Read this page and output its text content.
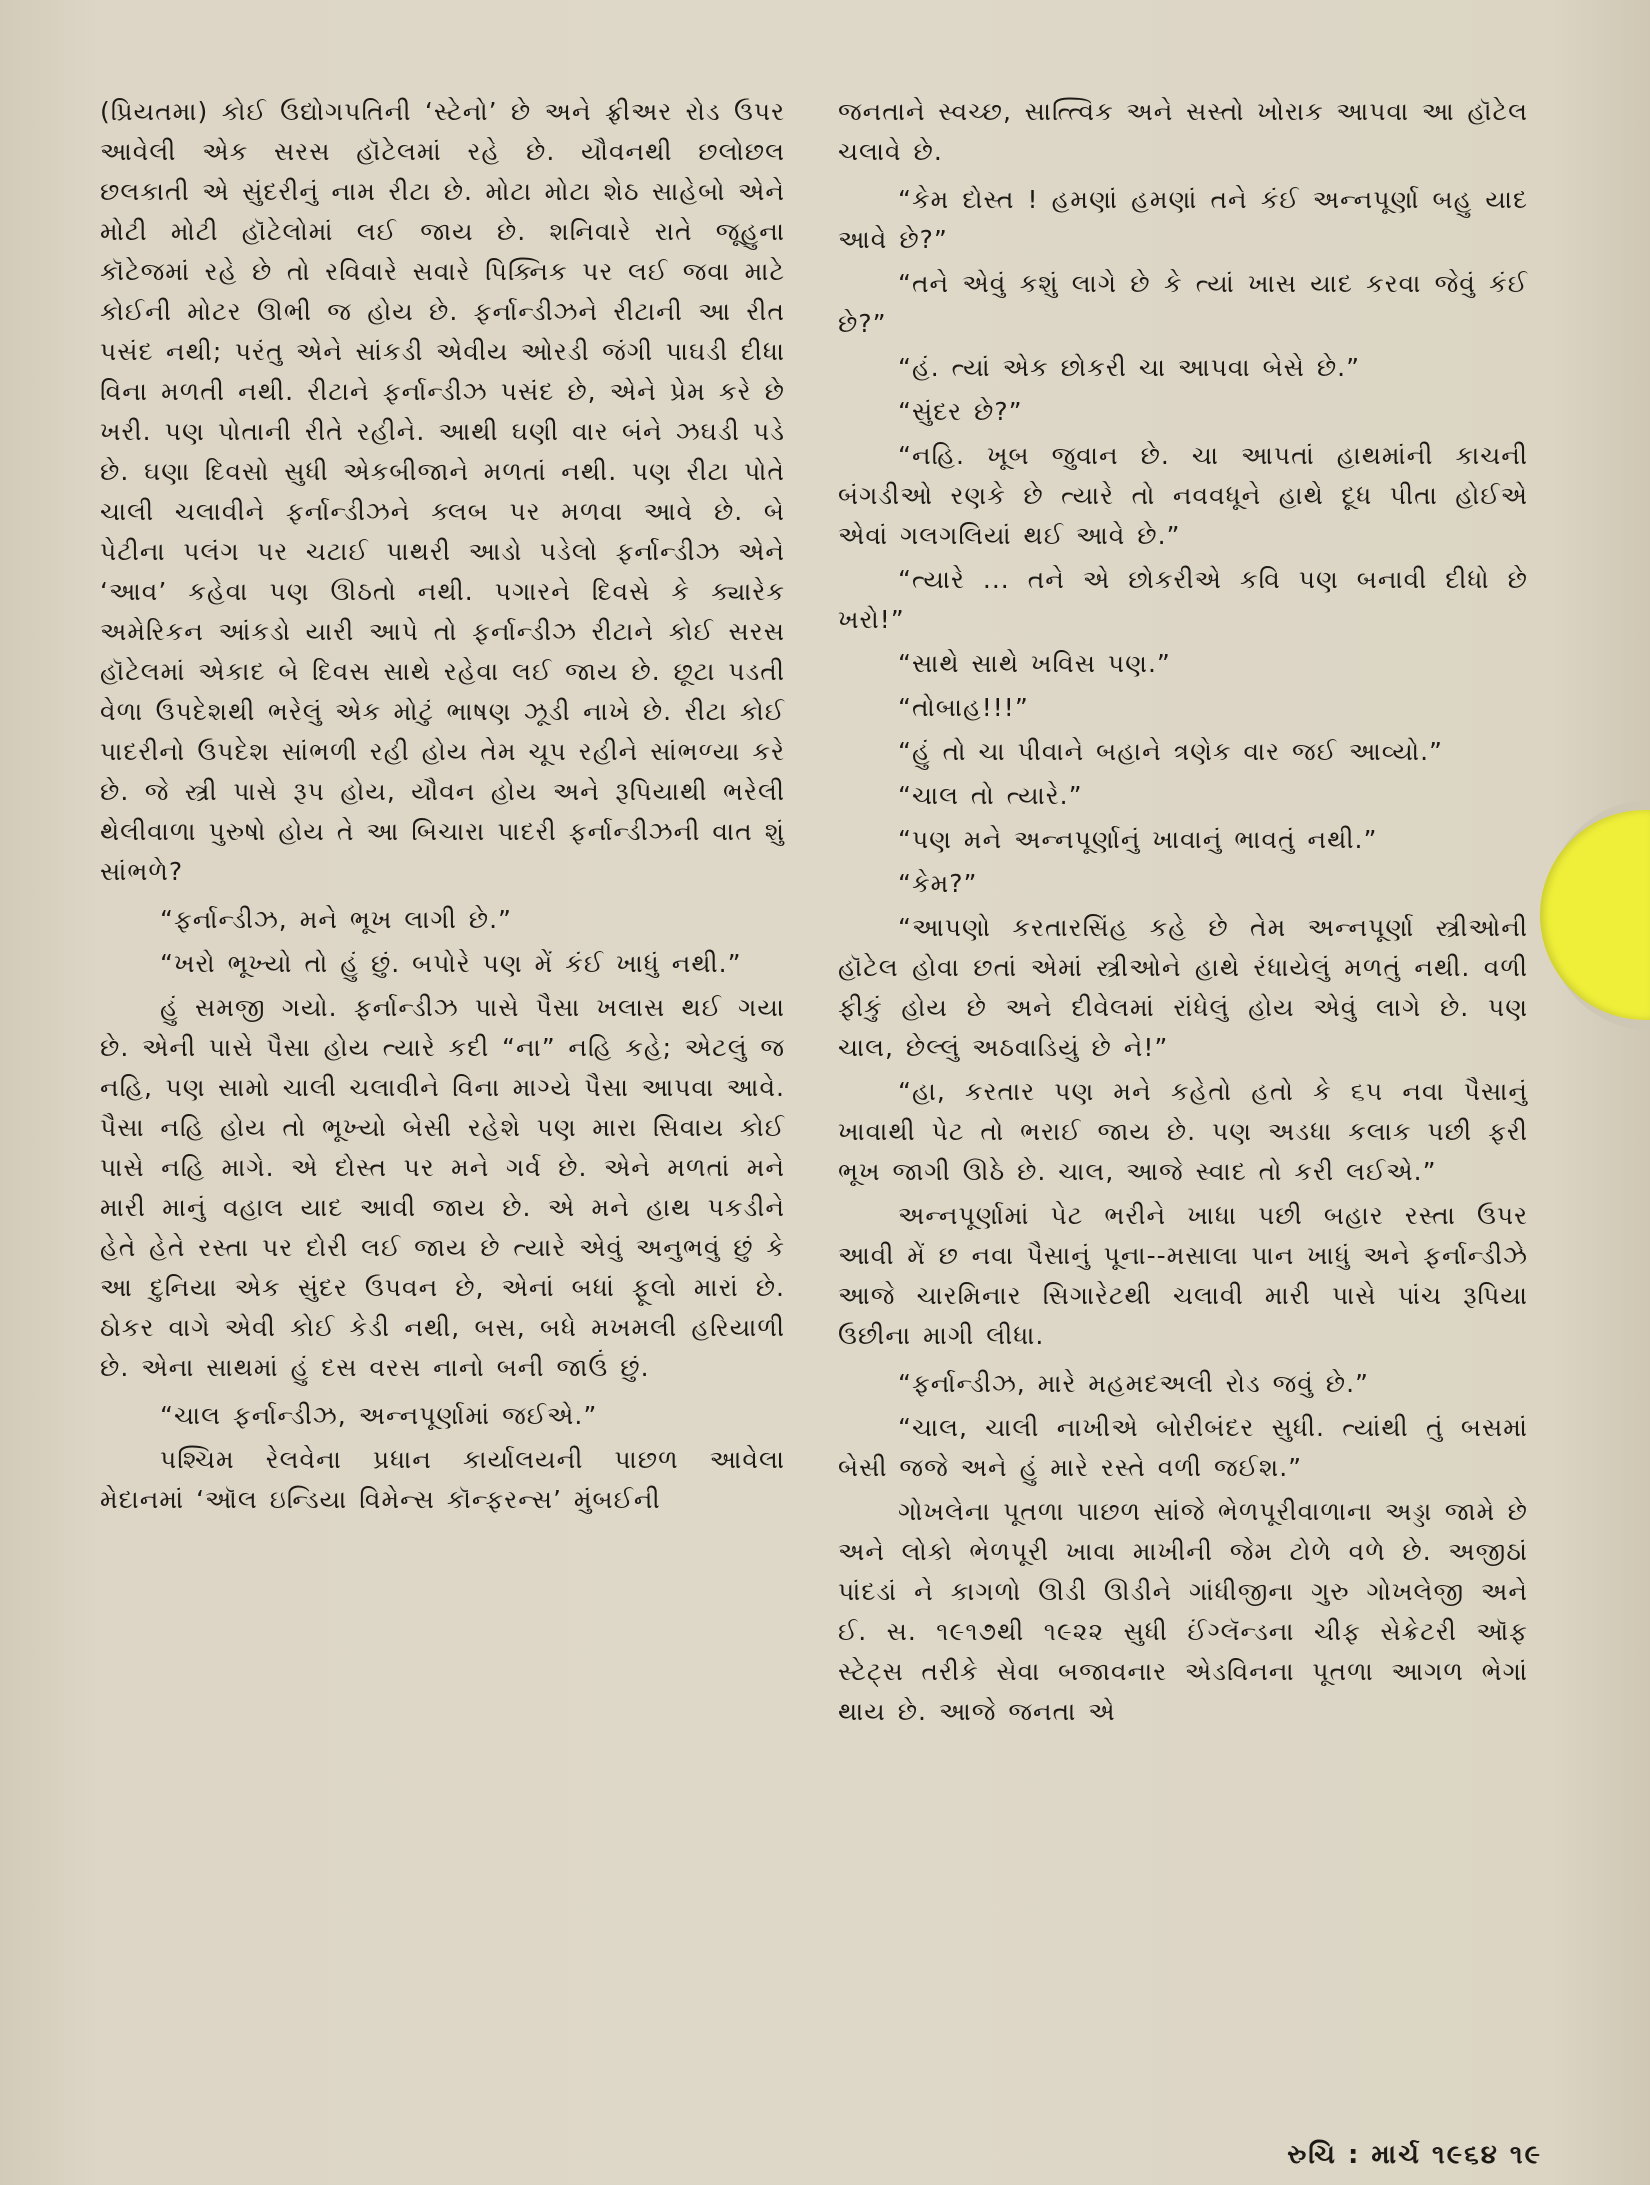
(પ્રિયતમા) કોઈ ઉદ્યોગપતિની ‘સ્ટેનો’ છે અને ફ્રીઅર રોડ ઉપર આવેલી એક સરસ હૉટેલમાં રહે છે. યૌવનથી છલોછલ છલકાતી એ સુંદરીનું નામ રીટા છે. મોટા મોટા શેઠ સાહેબો એને મોટી મોટી હૉટેલોમાં લઈ જાય છે. શનિવારે રાતે જૂહુના કૉટેજમાં રહે છે તો રવિવારે સવારે પિક્નિક પર લઈ જવા માટે કોઈની મોટર ઊભી જ હોય છે. ફર્નાન્ડીઝને રીટાની આ રીત પસંદ નથી; પરંતુ એને સાંકડી એવીય ઓરડી જંગી પાઘડી દીધા વિના મળતી નથી. રીટાને ફર્નાન્ડીઝ પસંદ છે, એને પ્રેમ કરે છે ખરી. પણ પોતાની રીતે રહીને. આથી ઘણી વાર બંને ઝઘડી પડે છે. ઘણા દિવસો સુધી એકબીજાને મળતાં નથી. પણ રીટા પોતે ચાલી ચલાવીને ફર્નાન્ડીઝને ક્લબ પર મળવા આવે છે. બે પેટીના પલંગ પર ચટાઈ પાથરી આડો પડેલો ફર્નાન્ડીઝ એને ‘આવ’ કહેવા પણ ઊઠતો નથી. પગારને દિવસે કે ક્યારેક અમેરિકન આંકડો યારી આપે તો ફર્નાન્ડીઝ રીટાને કોઈ સરસ હૉટેલમાં એકાદ બે દિવસ સાથે રહેવા લઈ જાય છે. છૂટા પડતી વેળા ઉપદેશથી ભરેલું એક મોટું ભાષણ ઝૂડી નાખે છે. રીટા કોઈ પાદરીનો ઉપદેશ સાંભળી રહી હોય તેમ ચૂપ રહીને સાંભળ્યા કરે છે. જે સ્ત્રી પાસે રૂપ હોય, યૌવન હોય અને રૂપિયાથી ભરેલી થેલીવાળા પુરુષો હોય તે આ બિચારા પાદરી ફર્નાન્ડીઝની વાત શું સાંભળે?

“ફર્નાન્ડીઝ, મને ભૂખ લાગી છે.”

“ખરો ભૂખ્યો તો હું છું. બપોરે પણ મેં કંઈ ખાધું નથી.”

હું સમજી ગયો. ફર્નાન્ડીઝ પાસે પૈસા ખલાસ થઈ ગયા છે. એની પાસે પૈસા હોય ત્યારે કદી “ના” નહિ કહે; એટલું જ નહિ, પણ સામો ચાલી ચલાવીને વિના માગ્યે પૈસા આપવા આવે. પૈસા નહિ હોય તો ભૂખ્યો બેસી રહેશે પણ મારા સિવાય કોઈ પાસે નહિ માગે. એ દોસ્ત પર મને ગર્વ છે. એને મળતાં મને મારી માનું વહાલ યાદ આવી જાય છે. એ મને હાથ પકડીને હેતે હેતે રસ્તા પર દોરી લઈ જાય છે ત્યારે એવું અનુભવું છું કે આ દુનિયા એક સુંદર ઉપવન છે, એનાં બધાં ફૂલો મારાં છે. ઠોકર વાગે એવી કોઈ કેડી નથી, બસ, બધે મખમલી હરિયાળી છે. એના સાથમાં હું દસ વરસ નાનો બની જાઉં છું.

“ચાલ ફર્નાન્ડીઝ, અન્નપૂર્ણામાં જઈએ.”

પશ્ચિમ રેલવેના પ્રધાન કાર્યાલયની પાછળ આવેલા મેદાનમાં ‘ઑલ ઇન્ડિયા વિમેન્સ કૉન્ફરન્સ’ મુંબઈની

જનતાને સ્વચ્છ, સાત્ત્વિક અને સસ્તો ખોરાક આપવા આ હૉટેલ ચલાવે છે.

“કેમ દોસ્ત ! હમણાં હમણાં તને કંઈ અન્નપૂર્ણા બહુ યાદ આવે છે?”

“તને એવું કશું લાગે છે કે ત્યાં ખાસ યાદ કરવા જેવું કંઈ છે?”

“હં. ત્યાં એક છોકરી ચા આપવા બેસે છે.”

“સુંદર છે?”

“નહિ. ખૂબ જુવાન છે. ચા આપતાં હાથમાંની કાચની બંગડીઓ રણકે છે ત્યારે તો નવવધૂને હાથે દૂધ પીતા હોઈએ એવાં ગલગલિયાં થઈ આવે છે.”

“ત્યારે ... તને એ છોકરીએ કવિ પણ બનાવી દીધો છે ખરો!”

“સાથે સાથે ખવિસ પણ.”

“તોબાહ!!!”

“હું તો ચા પીવાને બહાને ત્રણેક વાર જઈ આવ્યો.”

“ચાલ તો ત્યારે.”

“પણ મને અન્નપૂર્ણાનું ખાવાનું ભાવતું નથી.”

“કેમ?”

“આપણો કરતારસિંહ કહે છે તેમ અન્નપૂર્ણા સ્ત્રીઓની હૉટેલ હોવા છતાં એમાં સ્ત્રીઓને હાથે રંધાયેલું મળતું નથી. વળી ફીકું હોય છે અને દીવેલમાં રાંધેલું હોય એવું લાગે છે. પણ ચાલ, છેલ્લું અઠવાડિયું છે ને!”

“હા, કરતાર પણ મને કહેતો હતો કે ૬૫ નવા પૈસાનું ખાવાથી પેટ તો ભરાઈ જાય છે. પણ અડધા કલાક પછી ફરી ભૂખ જાગી ઊઠે છે. ચાલ, આજે સ્વાદ તો કરી લઈએ.”

અન્નપૂર્ણામાં પેટ ભરીને ખાધા પછી બહાર રસ્તા ઉપર આવી મેં છ નવા પૈસાનું પૂના--મસાલા પાન ખાધું અને ફર્નાન્ડીઝે આજે ચારમિનાર સિગારેટથી ચલાવી મારી પાસે પાંચ રૂપિયા ઉછીના માગી લીધા.

“ફર્નાન્ડીઝ, મારે મહમદઅલી રોડ જવું છે.”

“ચાલ, ચાલી નાખીએ બોરીબંદર સુધી. ત્યાંથી તું બસમાં બેસી જજે અને હું મારે રસ્તે વળી જઈશ.”

ગોખલેના પૂતળા પાછળ સાંજે ભેળપૂરીવાળાના અડ્ડા જામે છે અને લોકો ભેળપૂરી ખાવા માખીની જેમ ટોળે વળે છે. અજીઠાં પાંદડાં ને કાગળો ઊડી ઊડીને ગાંધીજીના ગુરુ ગોખલેજી અને ઈ. સ. ૧૯૧૭થી ૧૯૨૨ સુધી ઈંગ્લૅન્ડના ચીફ સેક્રેટરી ઑફ સ્ટેટ્સ તરીકે સેવા બજાવનાર એડવિનના પૂતળા આગળ ભેગાં થાય છે. આજે જનતા એ

રુચિ : માર્ચ ૧૯૬૪ ૧૯
